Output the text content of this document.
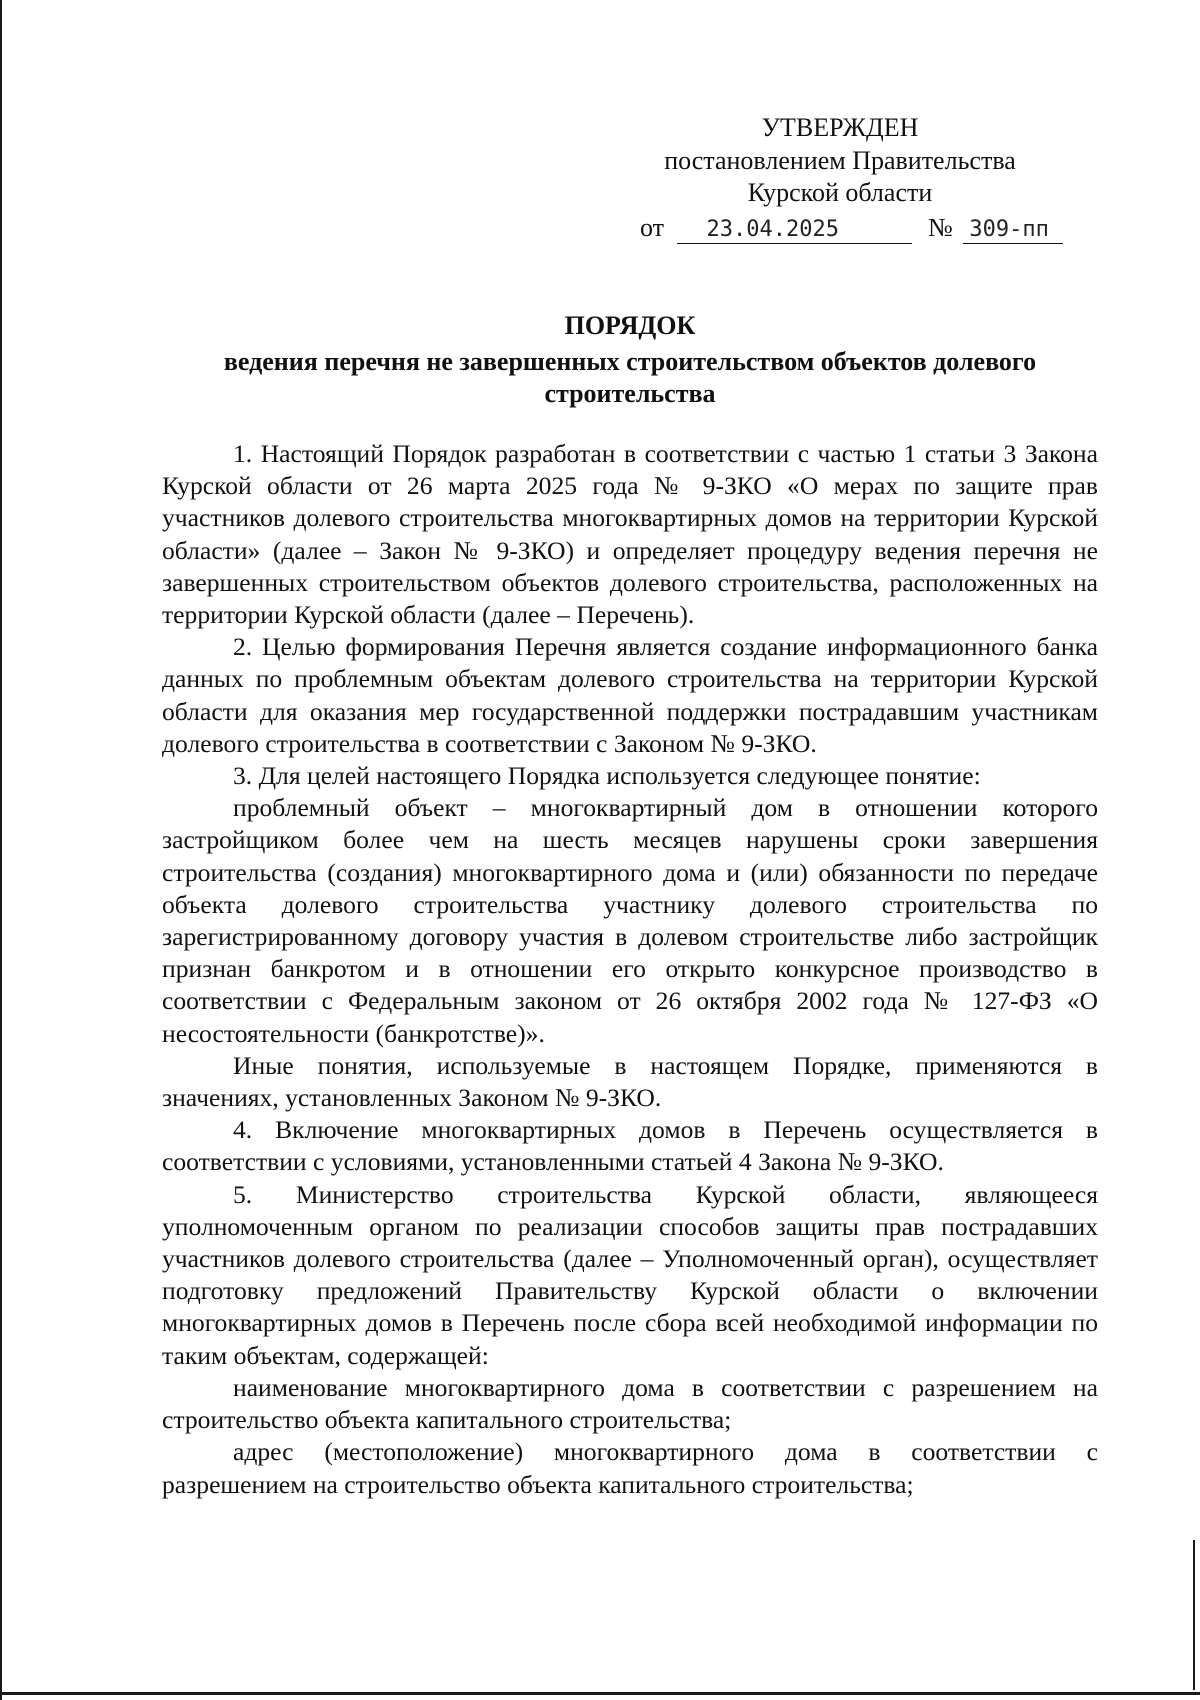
УТВЕРЖДЕН
постановлением Правительства
Курской области
от 23.04.2025	№ 309-пп
ПОРЯДОК
ведения перечня не завершенных строительством объектов долевого строительства

1. Настоящий Порядок разработан в соответствии с частью 1 статьи 3 Закона Курской области от 26 марта 2025 года № 9-ЗКО «О мерах по защите прав участников долевого строительства многоквартирных домов на территории Курской области» (далее – Закон № 9-ЗКО) и определяет процедуру ведения перечня не завершенных строительством объектов долевого строительства, расположенных на территории Курской области (далее – Перечень).

2. Целью формирования Перечня является создание информационного банка данных по проблемным объектам долевого строительства на территории Курской области для оказания мер государственной поддержки пострадавшим участникам долевого строительства в соответствии с Законом № 9-ЗКО.

3. Для целей настоящего Порядка используется следующее понятие:

проблемный объект – многоквартирный дом в отношении которого застройщиком более чем на шесть месяцев нарушены сроки завершения строительства (создания) многоквартирного дома и (или) обязанности по передаче объекта долевого строительства участнику долевого строительства по зарегистрированному договору участия в долевом строительстве либо застройщик признан банкротом и в отношении его открыто конкурсное производство в соответствии с Федеральным законом от 26 октября 2002 года № 127-ФЗ «О несостоятельности (банкротстве)».

Иные понятия, используемые в настоящем Порядке, применяются в значениях, установленных Законом № 9-ЗКО.

4. Включение многоквартирных домов в Перечень осуществляется в соответствии с условиями, установленными статьей 4 Закона № 9-ЗКО.

5. Министерство строительства Курской области, являющееся уполномоченным органом по реализации способов защиты прав пострадавших участников долевого строительства (далее – Уполномоченный орган), осуществляет подготовку предложений Правительству Курской области о включении многоквартирных домов в Перечень после сбора всей необходимой информации по таким объектам, содержащей:

наименование многоквартирного дома в соответствии с разрешением на строительство объекта капитального строительства;

адрес (местоположение) многоквартирного дома в соответствии с разрешением на строительство объекта капитального строительства;
